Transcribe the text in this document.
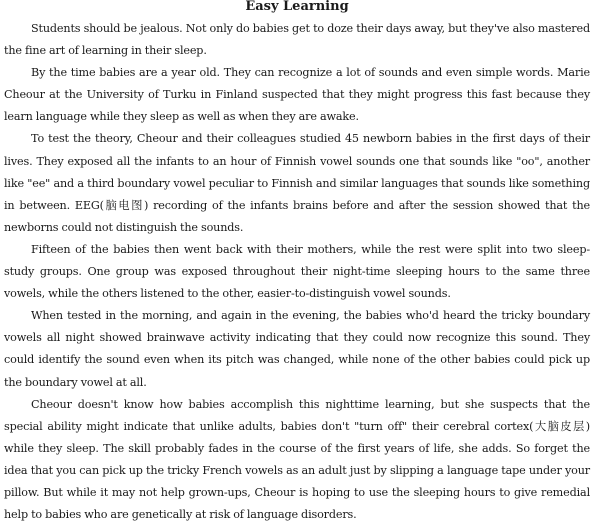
Easy Learning

Students should be jealous. Not only do babies get to doze their days away, but they've also mastered the fine art of learning in their sleep.

By the time babies are a year old. They can recognize a lot of sounds and even simple words. Marie Cheour at the University of Turku in Finland suspected that they might progress this fast because they learn language while they sleep as well as when they are awake.

To test the theory, Cheour and their colleagues studied 45 newborn babies in the first days of their lives. They exposed all the infants to an hour of Finnish vowel sounds one that sounds like "oo", another like "ee" and a third boundary vowel peculiar to Finnish and similar languages that sounds like something in between. EEG(脑电图) recording of the infants brains before and after the session showed that the newborns could not distinguish the sounds.

Fifteen of the babies then went back with their mothers, while the rest were split into two sleep-study groups. One group was exposed throughout their night-time sleeping hours to the same three vowels, while the others listened to the other, easier-to-distinguish vowel sounds.

When tested in the morning, and again in the evening, the babies who'd heard the tricky boundary vowels all night showed brainwave activity indicating that they could now recognize this sound. They could identify the sound even when its pitch was changed, while none of the other babies could pick up the boundary vowel at all.

Cheour doesn't know how babies accomplish this nighttime learning, but she suspects that the special ability might indicate that unlike adults, babies don't "turn off" their cerebral cortex(大脑皮层) while they sleep. The skill probably fades in the course of the first years of life, she adds. So forget the idea that you can pick up the tricky French vowels as an adult just by slipping a language tape under your pillow. But while it may not help grown-ups, Cheour is hoping to use the sleeping hours to give remedial help to babies who are genetically at risk of language disorders.
